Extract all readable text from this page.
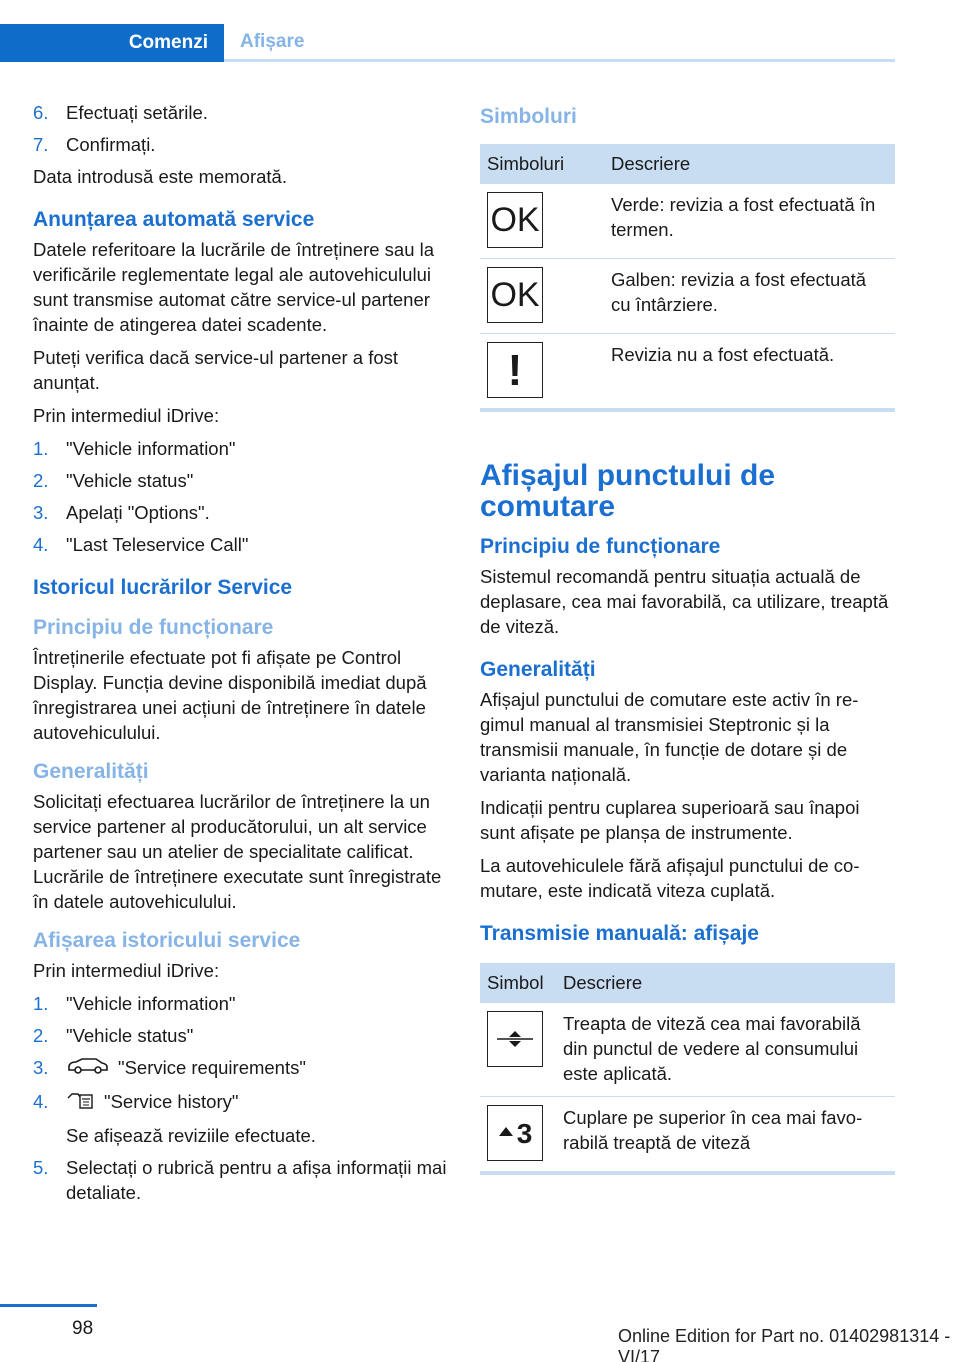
Comenzi	Afișare
6. Efectuați setările.
7. Confirmați.

Data introdusă este memorată.

Anunțarea automată service

Datele referitoare la lucrările de întreținere sau la verificările reglementate legal ale autovehiculului sunt transmise automat către service-ul partener înainte de atingerea datei scadente.

Puteți verifica dacă service-ul partener a fost anunțat.

Prin intermediul iDrive:

1. "Vehicle information"
2. "Vehicle status"
3. Apelați "Options".
4. "Last Teleservice Call"
Istoricul lucrărilor Service
Principiu de funcționare

Întreținerile efectuate pot fi afișate pe Control Display. Funcția devine disponibilă imediat după înregistrarea unei acțiuni de întreținere în datele autovehiculului.

Generalități

Solicitați efectuarea lucrărilor de întreținere la un service partener al producătorului, un alt service partener sau un atelier de specialitate calificat. Lucrările de întreținere executate sunt înregistrate în datele autovehiculului.

Afișarea istoricului service

Prin intermediul iDrive:

1. "Vehicle information"
2. "Vehicle status"
3.	"Service requirements"
4.	"Service history"
Se afișează reviziile efectuate.
5. Selectați o rubrică pentru a afișa informații mai detaliate.
Simboluri
Simboluri	Descriere

OK	Verde: revizia a fost efectuată în termen.

OK	Galben: revizia a fost efectuată cu întârziere.

!	Revizia nu a fost efectuată.
Afișajul punctului de comutare
Principiu de funcționare

Sistemul recomandă pentru situația actuală de deplasare, cea mai favorabilă, ca utilizare, treaptă de viteză.

Generalități

Afișajul punctului de comutare este activ în regimul manual al transmisiei Steptronic și la transmisii manuale, în funcție de dotare și de varianta națională.

Indicații pentru cuplarea superioară sau înapoi sunt afișate pe planșa de instrumente.

La autovehiculele fără afișajul punctului de comutare, este indicată viteza cuplată.

Transmisie manuală: afișaje
Simbol	Descriere

	Treapta de viteză cea mai favorabilă din punctul de vedere al consumului este aplicată.

3	Cuplare pe superior în cea mai favorabilă treaptă de viteză
98	Online Edition for Part no. 01402981314 - VI/17
